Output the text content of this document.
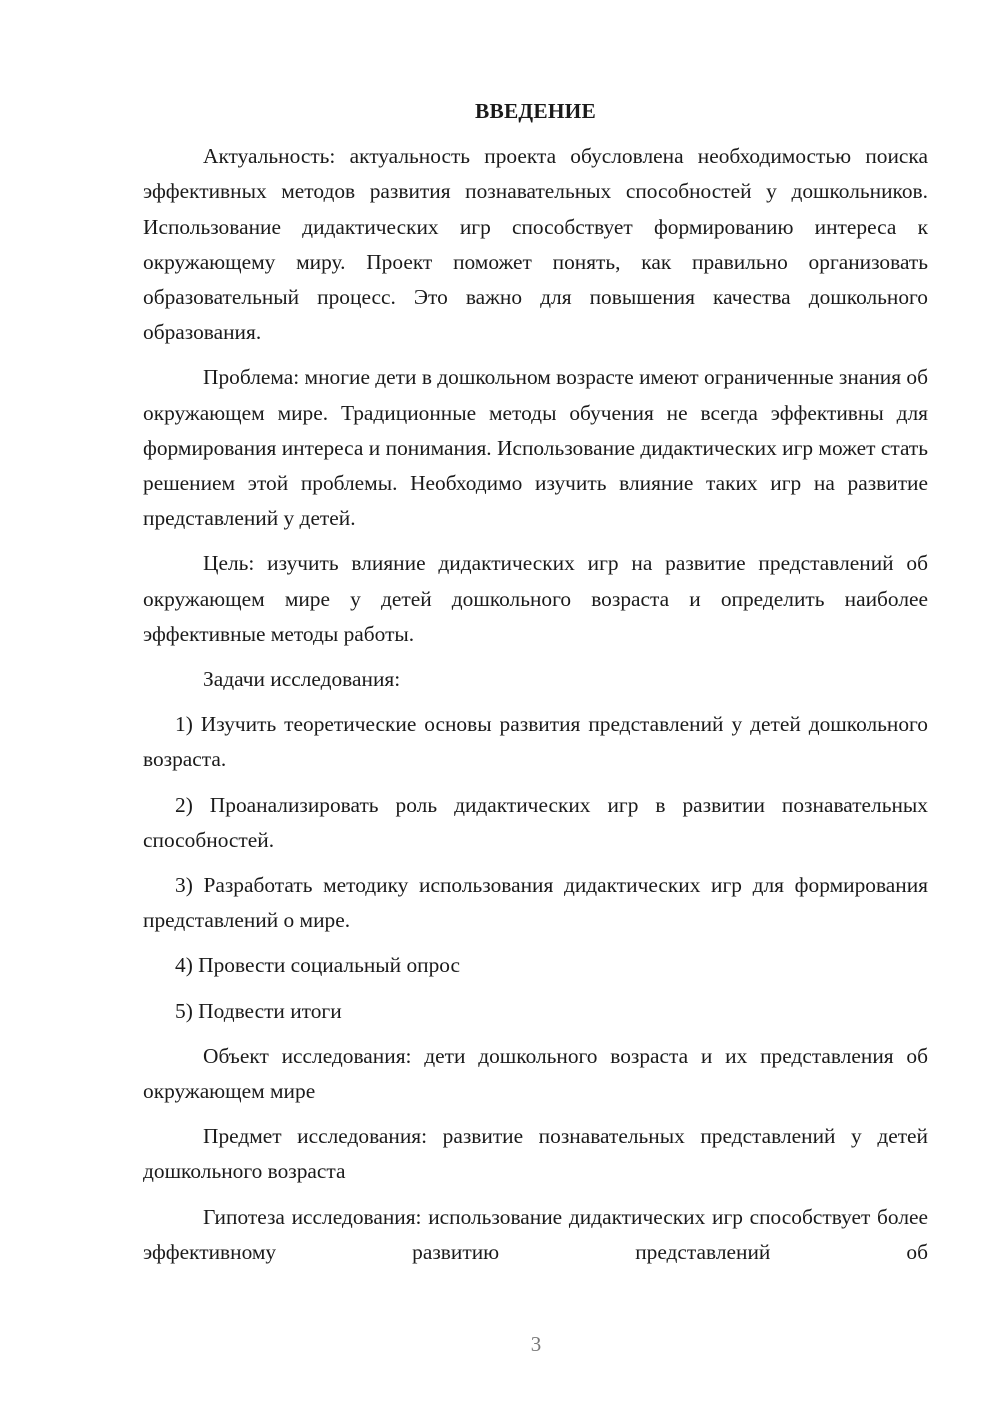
ВВЕДЕНИЕ

Актуальность: актуальность проекта обусловлена необходимостью поиска эффективных методов развития познавательных способностей у дошкольников. Использование дидактических игр способствует формированию интереса к окружающему миру. Проект поможет понять, как правильно организовать образовательный процесс. Это важно для повышения качества дошкольного образования.

Проблема: многие дети в дошкольном возрасте имеют ограниченные знания об окружающем мире. Традиционные методы обучения не всегда эффективны для формирования интереса и понимания. Использование дидактических игр может стать решением этой проблемы. Необходимо изучить влияние таких игр на развитие представлений у детей.

Цель: изучить влияние дидактических игр на развитие представлений об окружающем мире у детей дошкольного возраста и определить наиболее эффективные методы работы.

Задачи исследования:

1) Изучить теоретические основы развития представлений у детей дошкольного возраста.

2) Проанализировать роль дидактических игр в развитии познавательных способностей.

3) Разработать методику использования дидактических игр для формирования представлений о мире.

4) Провести социальный опрос

5) Подвести итоги

Объект исследования: дети дошкольного возраста и их представления об окружающем мире

Предмет исследования: развитие познавательных представлений у детей дошкольного возраста

Гипотеза исследования: использование дидактических игр способствует более эффективному развитию представлений об

3
